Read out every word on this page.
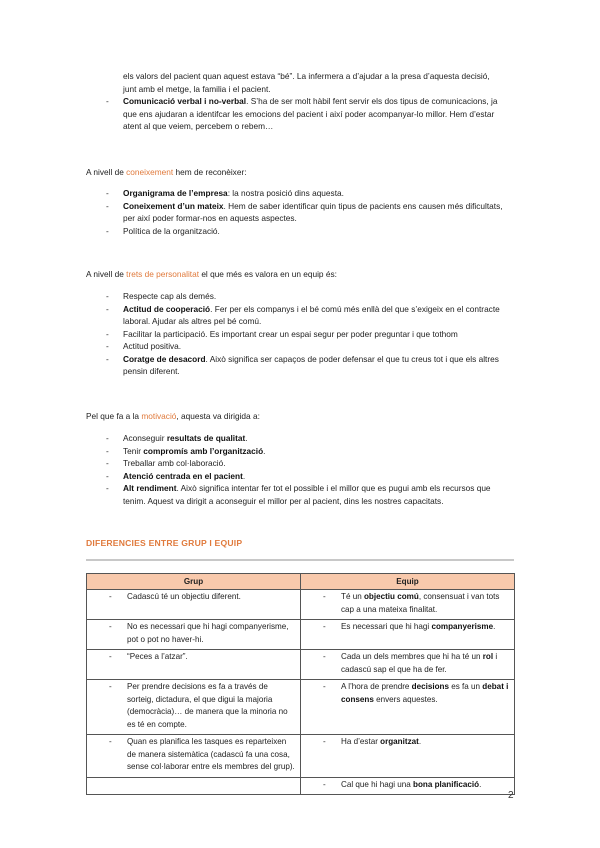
els valors del pacient quan aquest estava “bé”. La infermera a d’ajudar a la presa d’aquesta decisió, junt amb el metge, la familia i el pacient.
- Comunicació verbal i no-verbal. S’ha de ser molt hàbil fent servir els dos tipus de comunicacions, ja que ens ajudaran a identifcar les emocions del pacient i així poder acompanyar-lo millor. Hem d’estar atent al que veiem, percebem o rebem…
A nivell de coneixement hem de reconèixer:
- Organigrama de l’empresa: la nostra posició dins aquesta.
- Coneixement d’un mateix. Hem de saber identificar quin tipus de pacients ens causen més dificultats, per així poder formar-nos en aquests aspectes.
- Política de la organització.
A nivell de trets de personalitat el que més es valora en un equip és:
- Respecte cap als demés.
- Actitud de cooperació. Fer per els companys i el bé comú més enllà del que s’exigeix en el contracte laboral. Ajudar als altres pel bé comú.
- Facilitar la participació. Es important crear un espai segur per poder preguntar i que tothom
- Actitud positiva.
- Coratge de desacord. Això significa ser capaços de poder defensar el que tu creus tot i que els altres pensin diferent.
Pel que fa a la motivació, aquesta va dirigida a:
- Aconseguir resultats de qualitat.
- Tenir compromís amb l’organització.
- Treballar amb col·laboració.
- Atenció centrada en el pacient.
- Alt rendiment. Això significa intentar fer tot el possible i el millor que es pugui amb els recursos que tenim. Aquest va dirigit a aconseguir el millor per al pacient, dins les nostres capacitats.
DIFERENCIES ENTRE GRUP I EQUIP
Grup	Equip

- Cadascú té un objectiu diferent.	- Té un objectiu comú, consensuat i van tots cap a una mateixa finalitat.

- No es necessari que hi hagi companyerisme, pot o pot no haver-hi.	- Es necessari que hi hagi companyerisme.

- “Peces a l’atzar”.	- Cada un dels membres que hi ha té un rol i cadascú sap el que ha de fer.

- Per prendre decisions es fa a través de sorteig, dictadura, el que digui la majoria (democràcia)… de manera que la minoria no es té en compte.	- A l’hora de prendre decisions es fa un debat i consens envers aquestes.

- Quan es planifica les tasques es reparteixen de manera sistemàtica (cadascú fa una cosa, sense col·laborar entre els membres del grup).	- Ha d’estar organitzat.

	- Cal que hi hagi una bona planificació.
2
